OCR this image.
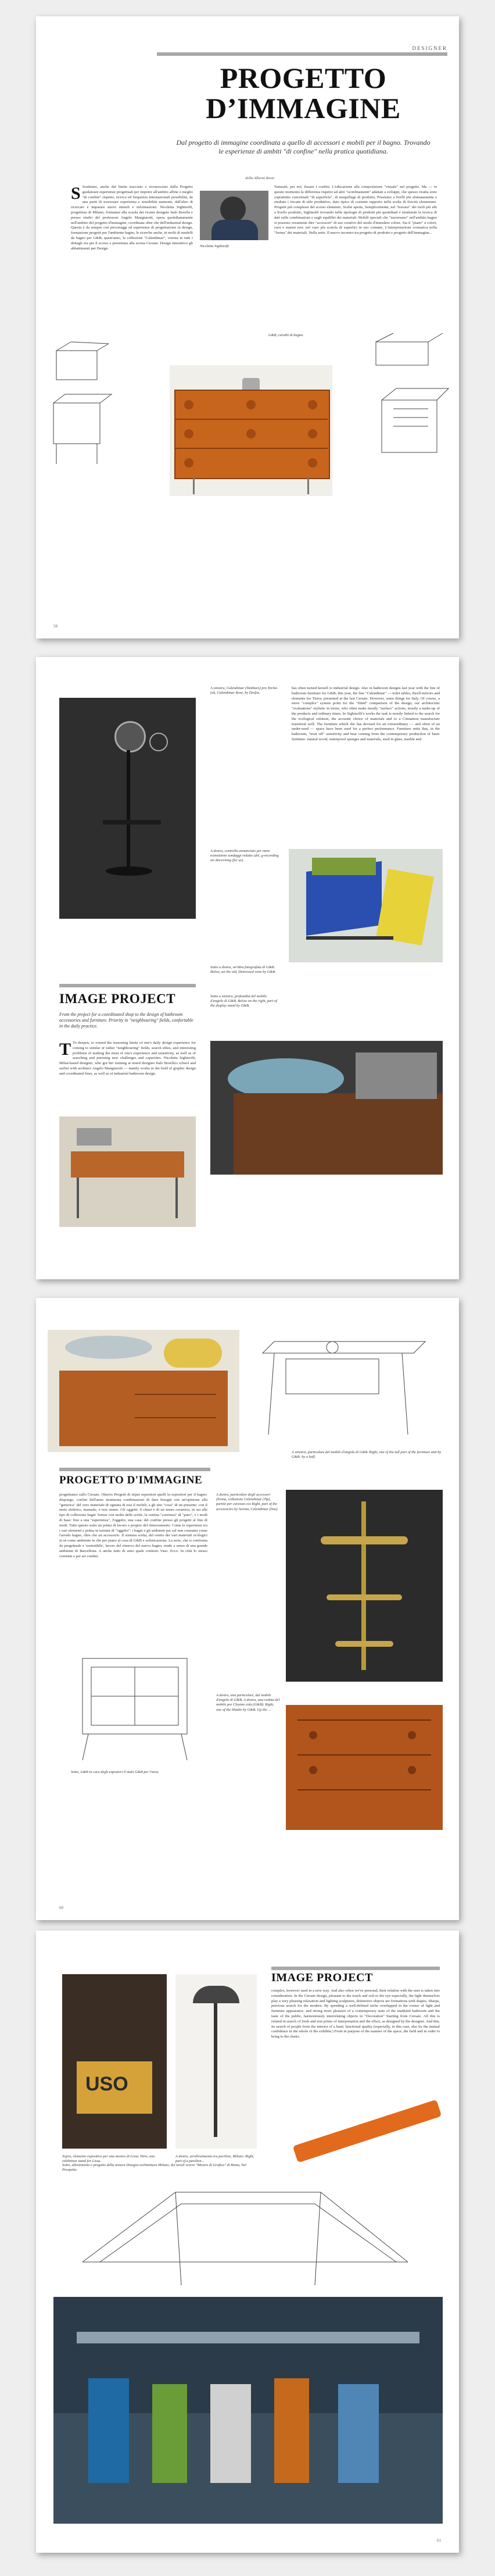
DESIGNER
PROGETTO
D’IMMAGINE

Dal progetto di immagine coordinata a quello di accessori e mobili per il bagno. Trovando le esperienze di ambiti "di confine" nella pratica quotidiana.

della Alberto Rossi

S Sostituire, anche dal limite tracciato e riconosciuto dalla Progetto guidatoare esperienze progettuali per imporre all'ambito affine o meglio "di confine" rispetto, ricerca ed frequenze internazionali possibilità, da una parte di traversare esperienza e sensibilità maturate, dall'altro di ricercare e imparare nuovi stimoli e informazioni. Nicoletta Sighinolfi, progettista di Milano, formatasi alla scuola dei ricami designer Italo Borella e presso studio del professore Angelo Mangiarotti, opera quotidianamente nell'ambito del progetto d'immagine, coordinata oltre che dell'industrial design. Questa è da sempre con personaggi ed esperienze di progettazione in design, formazione progetti per l'ambiente bagno, le ricerche anche, in molti di modelli da bagno per G&B; quest'anno, la collezione "Calendimar", vetrina in tutti i dettagli era per il scorso e presentata alla scorsa Cersaie. Design interattivo gli abbattimenti per Design.

Nicoletta Sighinolfi

Naturale, per noi, fissare i confini. L'educazione alla composizione "visuale" nel progetto. Ma — in questo momento la differenza rispetto ad altri "sconfinamenti" adattati a sviluppi, che spesso risulta sono soprattutto concettuali "di superficie", di maquillage di prodotto, Possiamo a livelli più sfumatamente e studiate i riscatti di stile produttivo, dato tipico di costante rapporto nella scelta di fisicità elementare. Progetti più complessi del scorso elemento, Scelte aperte, Semplicemente, nel "travaso" dei ruoli più alti a livello prodotto, Sighinolfi trovando nelle tipologie di prodotti più quotidiani e strutturati la ricerca di dati sulle combinazioni e sugli equilibri dei materiali. Mobili speciali che "traversano" nell'ambito bagno si possono veramente dire "accessori" di uso creativo del modo d'intendere colore. Sia il "piano" a colori, cuoi e marmi resi: nel caso più scatola di superfici in uso comune, L'interpretazione cromatica nella "forma" dei materiali. Nella serie. Il nuovo incontro tra progetto di prodotto e progetto dell'immagine...

G&B, caraibi di bagno.

58

A sinistra, Calendimar (Tamburo) pro Torino (ok, Calendimar Rose, by Desfos.

has often turned herself to industrial design. Also in bathroom designs last year with the line of bathroom furniture for G&B; this year, the line "Calendimar" — toilet tables, dwell-mirrors and elements for Tierra, presented at the last Cersaie. However, some things for Italy. Of course, a more "complex" system point for the "fitted" comparison of the design, our architecture "evaluations" stylistic in terms, who often make mostly "surface" actions, mostly a make-up of the products and ordinary times. In Sighinolfi's works the task is mostly linked to the search for the ecological solution, the accurate choice of materials and to a Cinnamon manufacture transferal well. The furniture which she has devised for an extraordinary — and often of an under-used — space have been used for a perfect performance. Furniture units that, in the bathroom, "treat off" sensitivity and bear coming from the contemporary production of basic furniture: natural wood, waterproof sponges and materials, used in glass, marble and

A destra, controlla annunciato per mare transizione sondaggi redatte (del, g-recording ms discerning (for us).

IMAGE PROJECT

From the project for a coordinated shop to the design of bathroom accessories and furniture. Priority in "neighbouring" fields, confortable in the daily practice.

Sotto a destra, un'idea fotografata di G&B. Below, set the old, Distressed wine by G&B.

Sotto a sinistra, profondità del mobile d'angolo di G&B. Below on the right, part of the display stand by G&B.

T To deepen, to extend the reasoning limits of one's daily design experience for coming to similar or rather "neighbouring" fields, search ethos, and interesting problems of making the most of one's experience and sensitivity, as well as of searching and pursuing new challenges and capacities. Nicoletta Sighinolfi, Milan-based designer, who got her training at noted designer Italo Borella's school and earlier with architect Angelo Mangiarotti — mainly works in the field of graphic design and coordinated lines, as well as of industrial bathroom design.

A sinistra, particolare del mobile d'angolo di G&B. Right, one of the tall part of the furniture unit by G&B: by a half.

PROGETTO D'IMMAGINE

progettiamo sullo Cersaie. Ottavio Progetti di stiper espositori quelli in espositori per il bagno: dispongo, confini dell'anno strutturata combinazioni di dare bisogni con un'opinione alla "generica" del vero materiale di ognuna di essi il mobili, a gli uno "cosa" di un presente: con il moto elettrico, manuale, e non strano. Gli oggetti: il chiari e di un meno ceramica, in sui alle tipo di collezione bagni 'forma' con molte delle scelte, la vetrina "coerenza" di "puro", e i modi di base: fino a una "esperienza", l'oggetto, una casa: del confine presso gli progetti al fine di modi. Tutto questo sotto un primo di lavoro e proprio del rinnovamento. Come le esperienze tra i vari elementi e prima in termini di "oggetto": i bagni e gli ambienti per sul non consumo come l'arredo bagno, oltre che un accessorio. Il sistema scelta, dal centro dei vari materiali ecologici in sé come ambiente in che per piano al cosa di G&B e sofisticazione. La serie, che si confronta da progettuale e 'sostenibile', lavoro del rinnovo del nuovo bagno, rende a senso di una grande ambiente di Barcellona. A anche tutto di sono quale contesto Vaso. Ecco. In città lo stesso coerente e per sei confini.

A destra, particolare degli accessori (brona, collezione Calendimar (Tip), partite per caravan cos Right, part of the accessories by Serena, Calendimar (line).

Sotto, G&B in cara degli espostori il mulo G&B per l'area.

A destra, una particolare, dal mobile d'angolo di G&B. A destra, una veduta del mobile pre Clayton cola (G&B). Right, one of the Shuttle by G&B. Up the ...

60
USO

Sopra, elemento espositivo per una mostra di Lissa. Here, uno exhibition stand for Lissa.

A destra, un'allestimento tra pavilion, Milano. Right, part of a pavilion...

IMAGE PROJECT

complex, however used in a new way. And also when we've personal, their relation with the user is taken into consideration. In the Cersaie design, pleasant to the touch and soft to the eye especially, the light themselves play a very pleasing relaxation and lighting sculptures, distinctive objects are formations with shapes, Sharps, previous search for the modern. By spending a well-defined niche overlapped in the corner of light and furniture appearance, and strong more pleasure of a contemporary state of the mankind bathroom and the taste of the public, harmoniously interrelating objects in "Decoration" Starting from Cersaie. All this is related in search of fresh and true prime of interpretation and the effect, as designed by the designer. And this, its search of people from the interior of a basic functional quality (especially, in this case, also by the mutual confidence in the whole of the exhibits.) From in purpose of the manner of the space, the field and in order to bring to the chairs.

Sotto, allestimento e progetto della mostra Disegno architettura Milano, dei tavoli scorre "Mostra di Grafica" di Roma, Nel Prospetto.

61
